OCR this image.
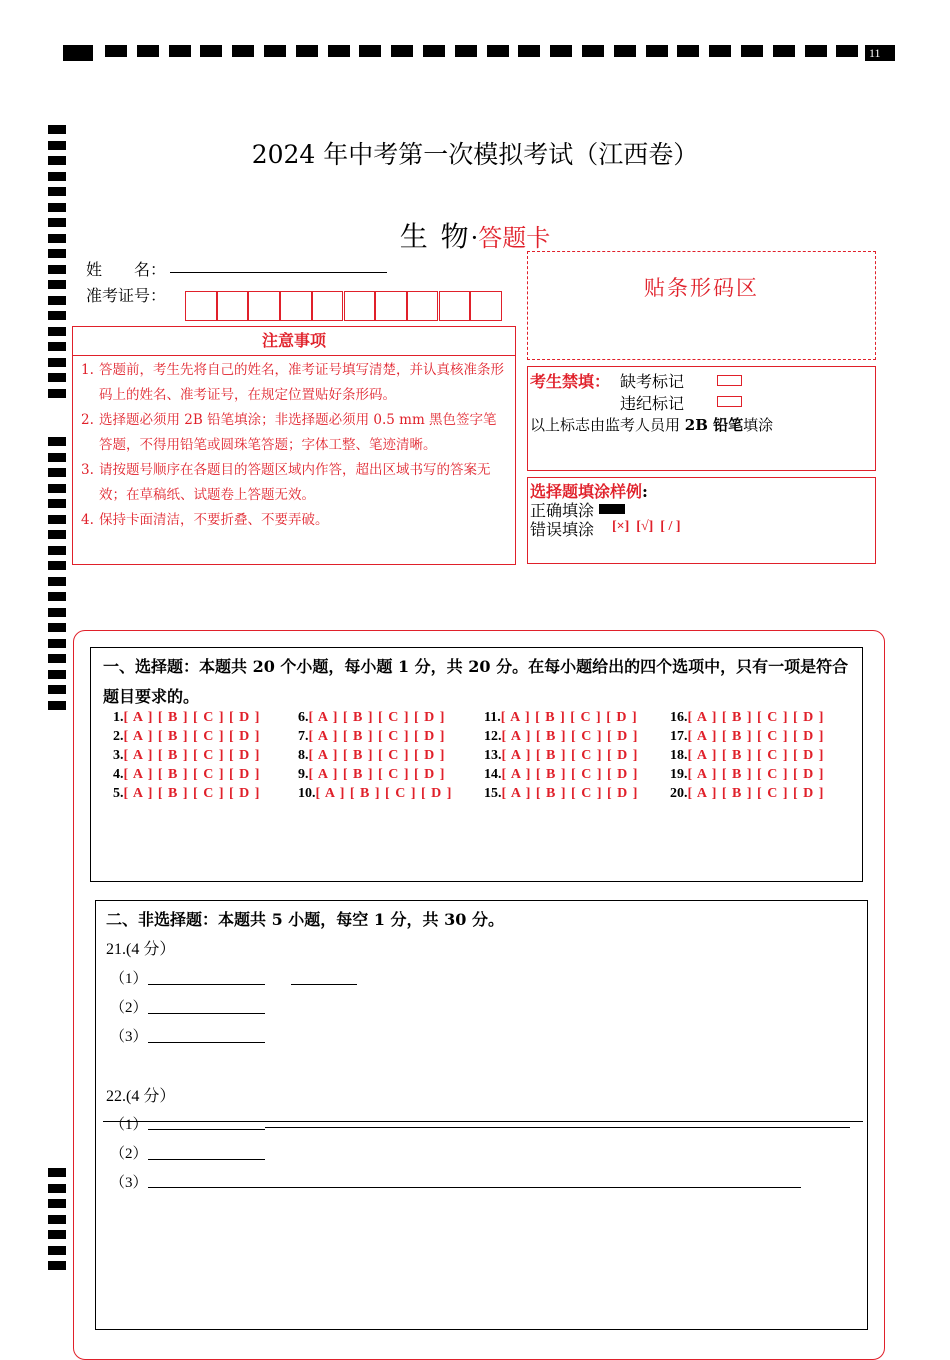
11
2024 年中考第一次模拟考试（江西卷）
生 物·答题卡
姓　　名：
准考证号：	贴条形码区
注意事项
1. 答题前，考生先将自己的姓名，准考证号填写清楚，并认真核准条形码上的姓名、准考证号，在规定位置贴好条形码。
2. 选择题必须用 2B 铅笔填涂；非选择题必须用 0.5 mm 黑色签字笔答题，不得用铅笔或圆珠笔答题；字体工整、笔迹清晰。
3. 请按题号顺序在各题目的答题区域内作答，超出区域书写的答案无效；在草稿纸、试题卷上答题无效。
4. 保持卡面清洁，不要折叠、不要弄破。
考生禁填： 缺考标记
违纪标记
以上标志由监考人员用 2B 铅笔填涂
选择题填涂样例:
正确填涂
错误填涂 [×]  [√]  [ / ]
一、选择题：本题共 20 个小题，每小题 1 分，共 20 分。在每小题给出的四个选项中，只有一项是符合
题目要求的。
1.[ A ] [ B ] [ C ] [ D ]
2.[ A ] [ B ] [ C ] [ D ]
3.[ A ] [ B ] [ C ] [ D ]
4.[ A ] [ B ] [ C ] [ D ]
5.[ A ] [ B ] [ C ] [ D ]
6.[ A ] [ B ] [ C ] [ D ]
7.[ A ] [ B ] [ C ] [ D ]
8.[ A ] [ B ] [ C ] [ D ]
9.[ A ] [ B ] [ C ] [ D ]
10.[ A ] [ B ] [ C ] [ D ]
11.[ A ] [ B ] [ C ] [ D ]
12.[ A ] [ B ] [ C ] [ D ]
13.[ A ] [ B ] [ C ] [ D ]
14.[ A ] [ B ] [ C ] [ D ]
15.[ A ] [ B ] [ C ] [ D ]
16.[ A ] [ B ] [ C ] [ D ]
17.[ A ] [ B ] [ C ] [ D ]
18.[ A ] [ B ] [ C ] [ D ]
19.[ A ] [ B ] [ C ] [ D ]
20.[ A ] [ B ] [ C ] [ D ]
二、非选择题：本题共 5 小题，每空 1 分，共 30 分。
21.(4 分）
（1）
（2）
（3）
22.(4 分）
（1）
（2）
（3）
